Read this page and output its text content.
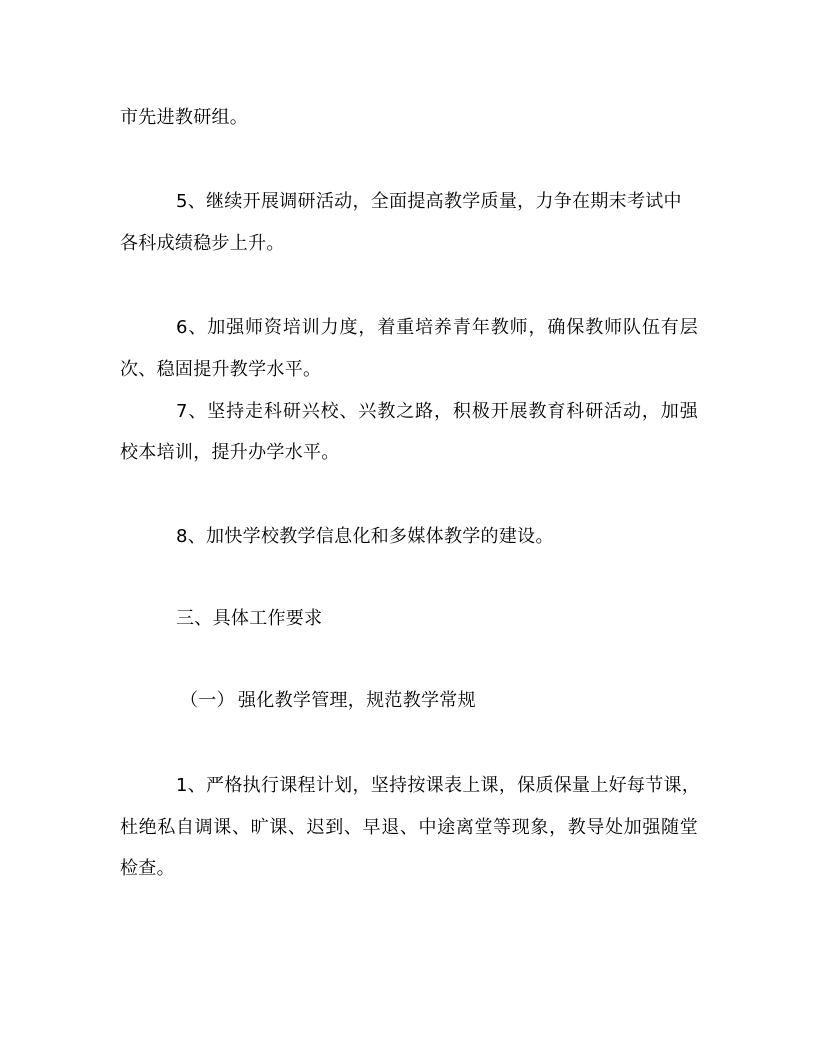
市先进教研组。
5、继续开展调研活动，全面提高教学质量，力争在期末考试中
各科成绩稳步上升。
6、加强师资培训力度，着重培养青年教师，确保教师队伍有层
次、稳固提升教学水平。
7、坚持走科研兴校、兴教之路，积极开展教育科研活动，加强
校本培训，提升办学水平。
8、加快学校教学信息化和多媒体教学的建设。
三、具体工作要求
（一） 强化教学管理，规范教学常规
1、严格执行课程计划，坚持按课表上课，保质保量上好每节课，
杜绝私自调课、旷课、迟到、早退、中途离堂等现象，教导处加强随堂
检查。
